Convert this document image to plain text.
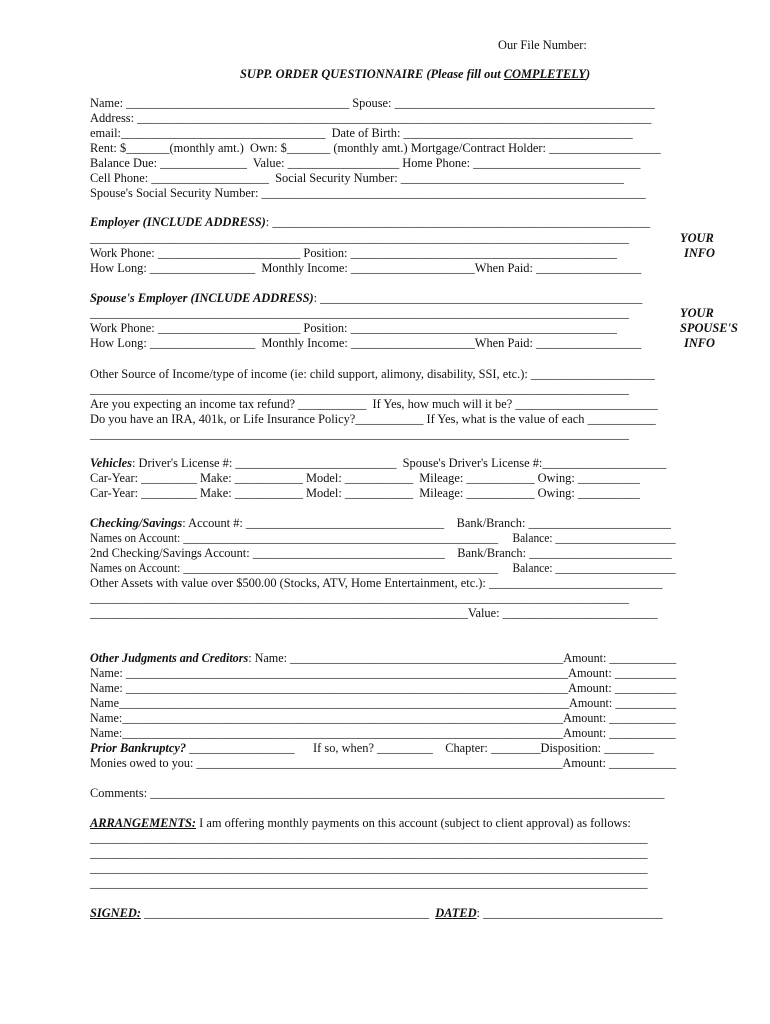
Our File Number:
SUPP. ORDER QUESTIONNAIRE (Please fill out COMPLETELY)
Name: ____________________________________ Spouse: __________________________________________
Address: ___________________________________________________________________________________
email:_________________________________  Date of Birth: _____________________________________
Rent: $_______(monthly amt.)  Own: $_______ (monthly amt.) Mortgage/Contract Holder: __________________
Balance Due: ______________  Value: __________________ Home Phone: ___________________________
Cell Phone: ___________________  Social Security Number: ____________________________________
Spouse's Social Security Number: ______________________________________________________________
Employer (INCLUDE ADDRESS): _____________________________________________________________
_______________________________________________________________________________________
Work Phone: _______________________ Position: ___________________________________________
How Long: _________________  Monthly Income: ____________________When Paid: _________________
YOUR
INFO
Spouse's Employer (INCLUDE ADDRESS): ____________________________________________________
_______________________________________________________________________________________
Work Phone: _______________________ Position: ___________________________________________
How Long: _________________  Monthly Income: ____________________When Paid: _________________
YOUR
SPOUSE'S
INFO
Other Source of Income/type of income (ie: child support, alimony, disability, SSI, etc.): ____________________
_______________________________________________________________________________________
Are you expecting an income tax refund? ___________  If Yes, how much will it be? _______________________
Do you have an IRA, 401k, or Life Insurance Policy?___________ If Yes, what is the value of each ___________
_______________________________________________________________________________________
Vehicles: Driver's License #: __________________________  Spouse's Driver's License #:____________________
Car-Year: _________ Make: ___________ Model: ___________  Mileage: ___________ Owing: __________
Car-Year: _________ Make: ___________ Model: ___________  Mileage: ___________ Owing: __________
Checking/Savings: Account #: ________________________________    Bank/Branch: _______________________
Names on Account: _______________________________________________________     Balance: _____________________
2nd Checking/Savings Account: _______________________________    Bank/Branch: _______________________
Names on Account: _______________________________________________________     Balance: _____________________
Other Assets with value over $500.00 (Stocks, ATV, Home Entertainment, etc.): ____________________________
_______________________________________________________________________________________
_____________________________________________________________Value: _________________________
Other Judgments and Creditors: Name: _____________________________________________Amount: ___________
Name: ________________________________________________________________________Amount: __________
Name: ________________________________________________________________________Amount: __________
Name__________________________________________________________________________Amount: __________
Name:_________________________________________________________________________Amount: ___________
Name:_________________________________________________________________________Amount: ___________
Prior Bankruptcy? _________________      If so, when? _________    Chapter: ________Disposition: ________
Monies owed to you: ____________________________________________________________Amount: ___________
Comments: ___________________________________________________________________________________
ARRANGEMENTS: I am offering monthly payments on this account (subject to client approval) as follows:
__________________________________________________________________________________________
__________________________________________________________________________________________
__________________________________________________________________________________________
__________________________________________________________________________________________
SIGNED: ______________________________________________  DATED: _____________________________
